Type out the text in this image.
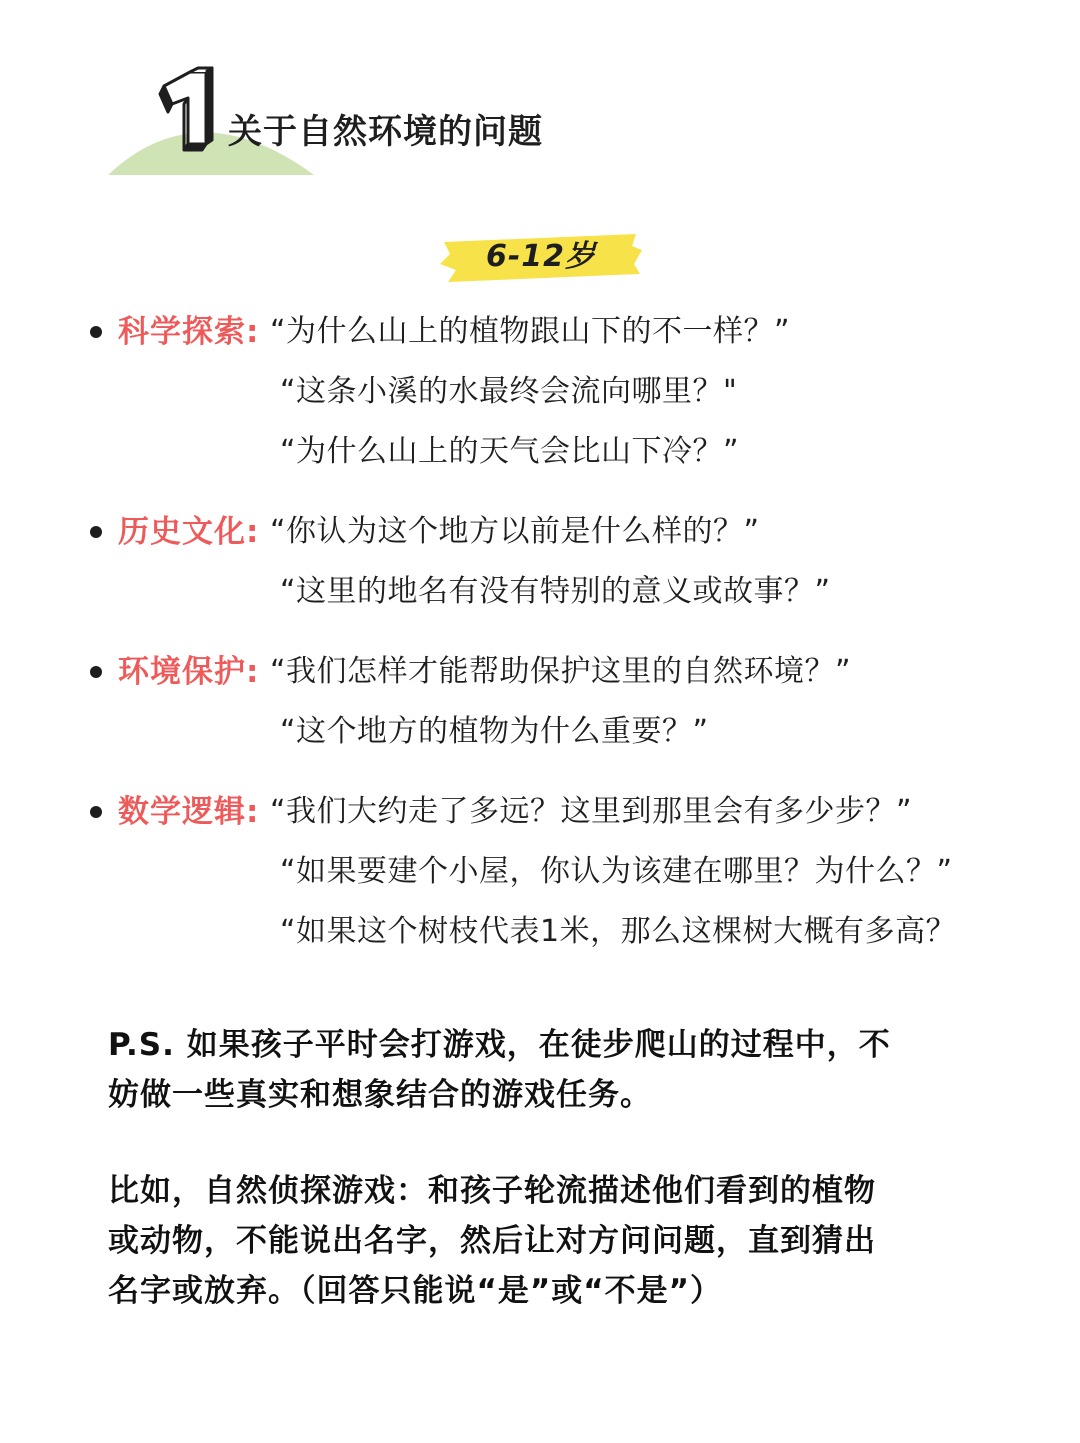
关于自然环境的问题
6-12岁
科学探索: “为什么山上的植物跟山下的不一样？”
“这条小溪的水最终会流向哪里？"
“为什么山上的天气会比山下冷？”
历史文化: “你认为这个地方以前是什么样的？”
“这里的地名有没有特别的意义或故事？”
环境保护: “我们怎样才能帮助保护这里的自然环境？”
“这个地方的植物为什么重要？”
数学逻辑: “我们大约走了多远？这里到那里会有多少步？”
“如果要建个小屋，你认为该建在哪里？为什么？”
“如果这个树枝代表1米，那么这棵树大概有多高？
P.S. 如果孩子平时会打游戏，在徒步爬山的过程中，不
妨做一些真实和想象结合的游戏任务。
比如，自然侦探游戏：和孩子轮流描述他们看到的植物
或动物，不能说出名字，然后让对方问问题，直到猜出
名字或放弃。（回答只能说“是”或“不是”）
